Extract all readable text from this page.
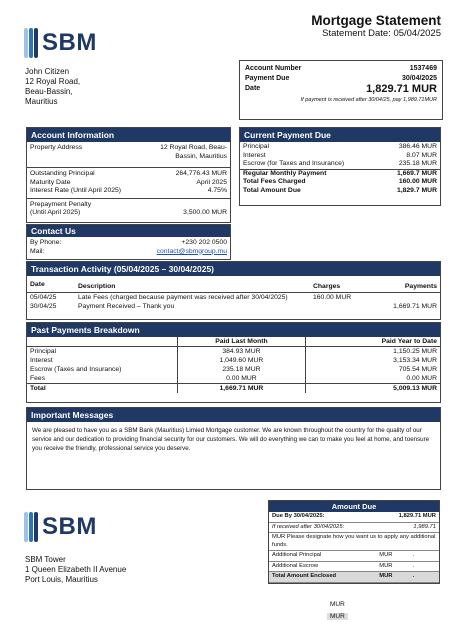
SBM
Mortgage Statement
Statement Date: 05/04/2025
John Citizen
12 Royal Road,
Beau-Bassin,
Mauritius
Account Number	1537469
Payment Due	30/04/2025
Date	1,829.71 MUR
If payment is received after 30/04/25, pay 1,989.71MUR
Account Information
Property Address	12 Royal Road, Beau-
Bassin, Mauritius
Outstanding Principal	264,776.43 MUR
Maturity Date	April 2025
Interest Rate (Until April 2025)	4.75%
Prepayment Penalty
(Until April 2025)	3,500.00 MUR
Contact Us
By Phone:	+230 202 0500
Mail:	contact@sbmgroup.mu
Current Payment Due
Principal	386.46 MUR
Interest	8.07 MUR
Escrow (for Taxes and Insurance)	235.18 MUR
Regular Monthly Payment	1,669.7 MUR
Total Fees Charged	160.00 MUR
Total Amount Due	1,829.7 MUR
Transaction Activity (05/04/2025 – 30/04/2025)
Date	Description	Charges	Payments
05/04/25	Late Fees (charged because payment was received after 30/04/2025)	160.00 MUR	
30/04/25	Payment Received – Thank you		1,669.71 MUR
Past Payments Breakdown
	Paid Last Month	Paid Year to Date
Principal	384.93 MUR	1,150.25 MUR
Interest	1,049.60 MUR	3,153.34 MUR
Escrow (Taxes and Insurance)	235.18 MUR	705.54 MUR
Fees	0.00 MUR	0.00 MUR
Total	1,669.71 MUR	5,009.13 MUR
Important Messages
We are pleased to have you as a SBM Bank (Mauritius) Limied Mortgage customer. We are known throughout the country for the quality of our service and our dedication to providing financial security for our customers. We will do everything we can to make you feel at home, and toensure you receive the friendly, professional service you deserve.
SBM
SBM Tower
1 Queen Elizabeth II Avenue
Port Louis, Mauritius
Amount Due
Due By 30/04/2025:	1,829.71 MUR
If received after 30/04/2025:	1,989.71
MUR Please designate how you want us to apply any additional funds.	
Additional Principal	MUR .
Additional Escrow	MUR .
Total Amount Enclosed	MUR .
MUR
MUR
